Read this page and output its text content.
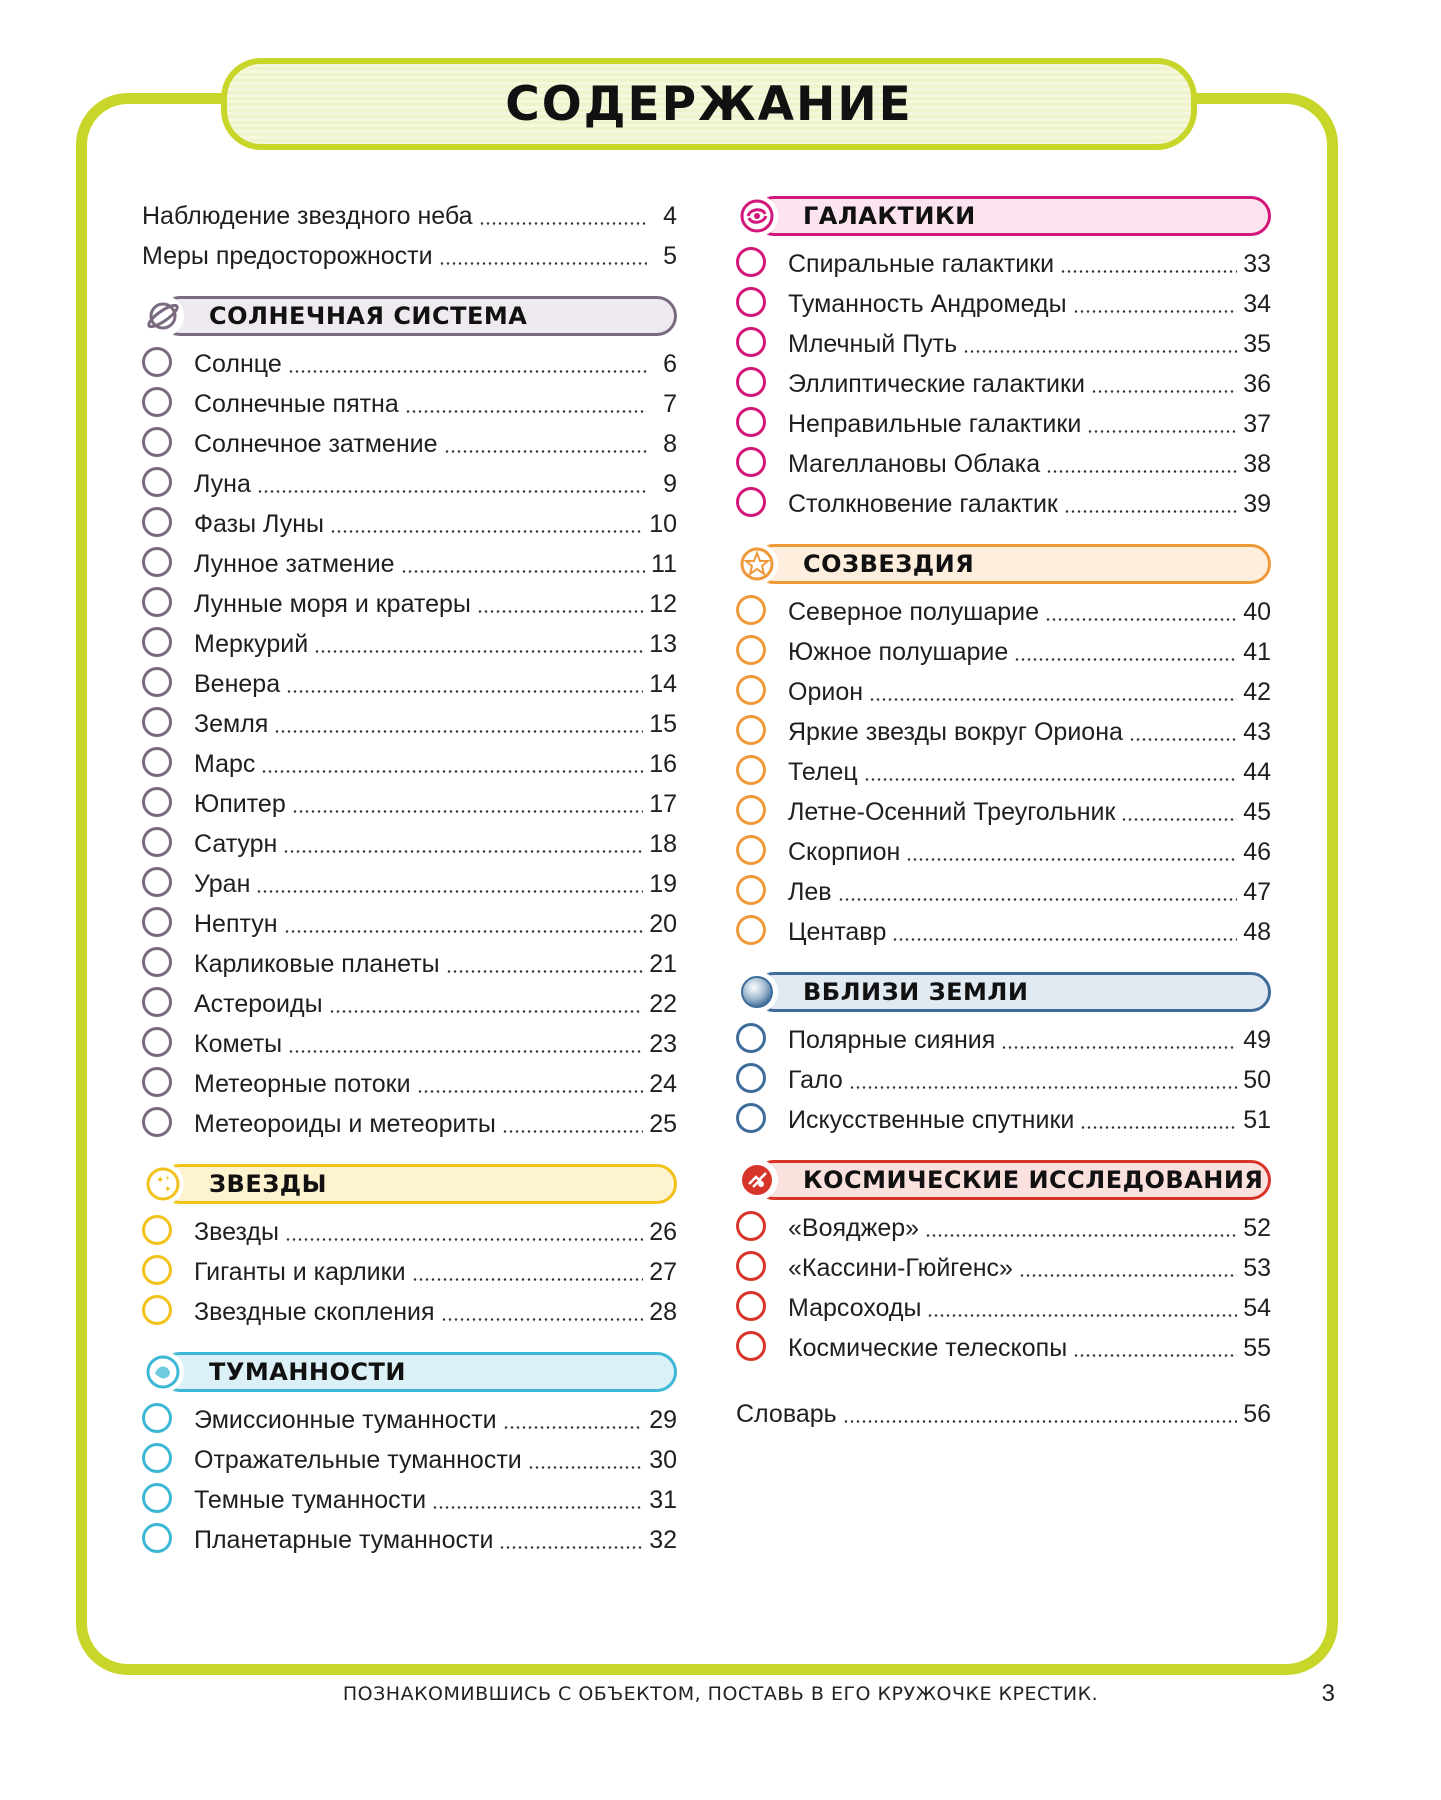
СОДЕРЖАНИЕ
Наблюдение звездного неба	4
Меры предосторожности	5
СОЛНЕЧНАЯ СИСТЕМА
Солнце	6
Солнечные пятна	7
Солнечное затмение	8
Луна	9
Фазы Луны	10
Лунное затмение	11
Лунные моря и кратеры	12
Меркурий	13
Венера	14
Земля	15
Марс	16
Юпитер	17
Сатурн	18
Уран	19
Нептун	20
Карликовые планеты	21
Астероиды	22
Кометы	23
Метеорные потоки	24
Метеороиды и метеориты	25
ЗВЕЗДЫ
✦
✦
✦
Звезды	26
Гиганты и карлики	27
Звездные скопления	28
ТУМАННОСТИ
Эмиссионные туманности	29
Отражательные туманности	30
Темные туманности	31
Планетарные туманности	32
ГАЛАКТИКИ
Спиральные галактики	33
Туманность Андромеды	34
Млечный Путь	35
Эллиптические галактики	36
Неправильные галактики	37
Магеллановы Облака	38
Столкновение галактик	39
СОЗВЕЗДИЯ
Северное полушарие	40
Южное полушарие	41
Орион	42
Яркие звезды вокруг Ориона	43
Телец	44
Летне-Осенний Треугольник	45
Скорпион	46
Лев	47
Центавр	48
ВБЛИЗИ ЗЕМЛИ
Полярные сияния	49
Гало	50
Искусственные спутники	51
КОСМИЧЕСКИЕ ИССЛЕДОВАНИЯ
«Вояджер»	52
«Кассини-Гюйгенс»	53
Марсоходы	54
Космические телескопы	55
Словарь	56
ПОЗНАКОМИВШИСЬ С ОБЪЕКТОМ, ПОСТАВЬ В ЕГО КРУЖОЧКЕ КРЕСТИК.	3
